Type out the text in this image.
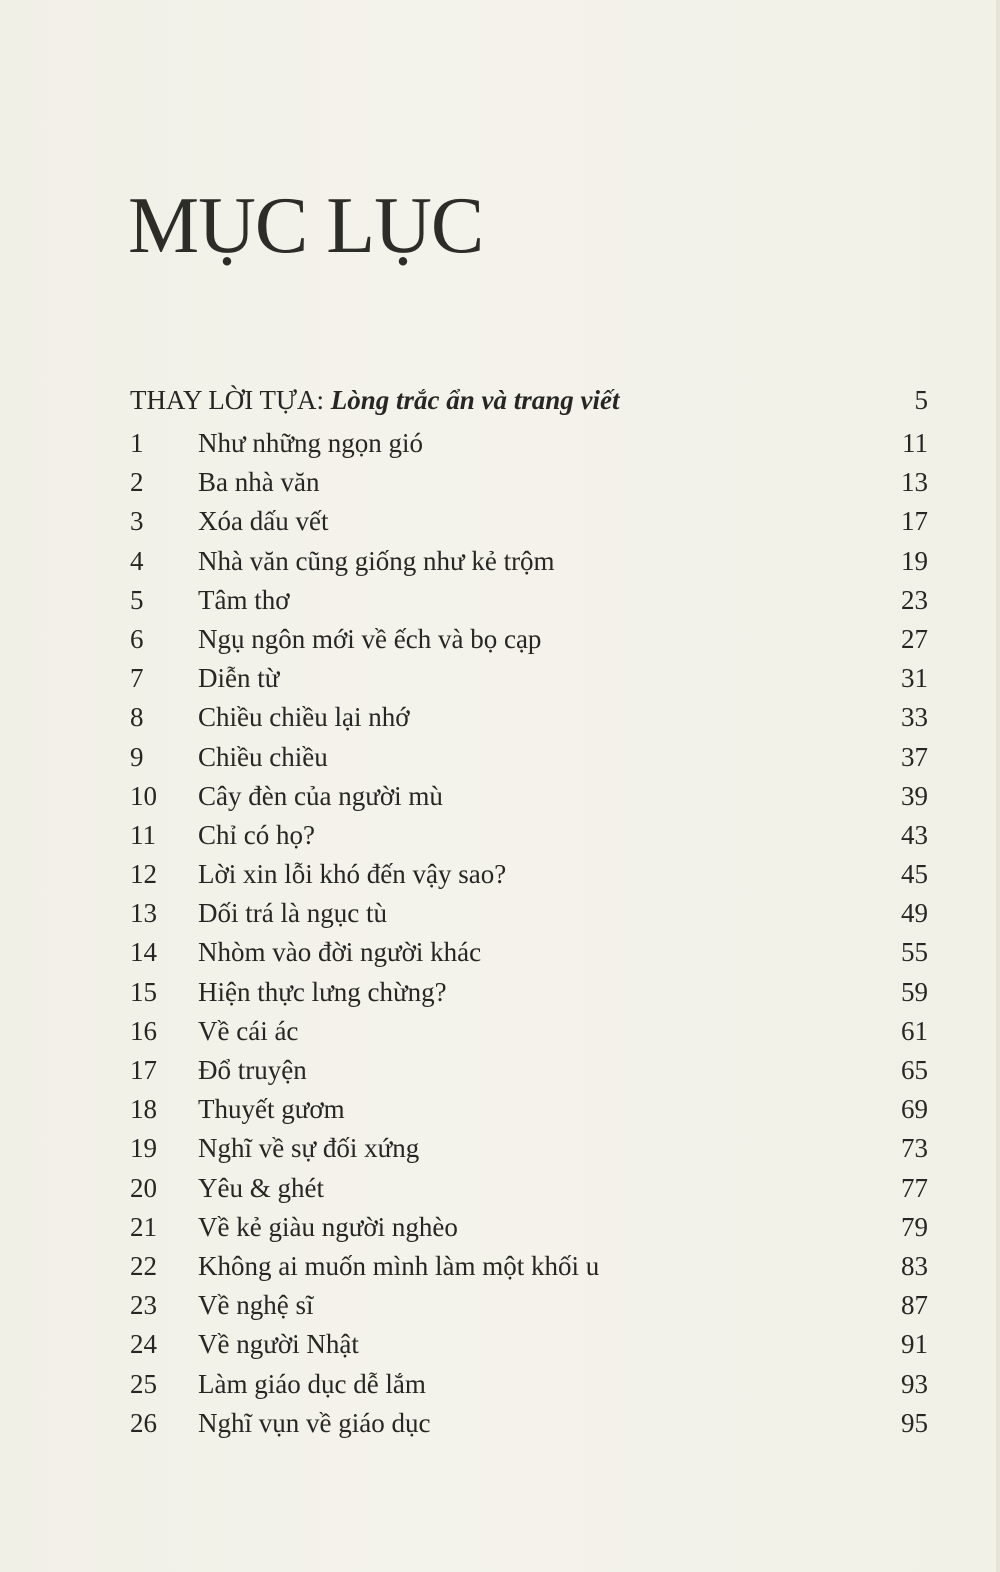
MỤC LỤC
THAY LỜI TỰA: Lòng trắc ẩn và trang viết	5
1 Như những ngọn gió	11
2 Ba nhà văn	13
3 Xóa dấu vết	17
4 Nhà văn cũng giống như kẻ trộm	19
5 Tâm thơ	23
6 Ngụ ngôn mới về ếch và bọ cạp	27
7 Diễn từ	31
8 Chiều chiều lại nhớ	33
9 Chiều chiều	37
10 Cây đèn của người mù	39
11 Chỉ có họ?	43
12 Lời xin lỗi khó đến vậy sao?	45
13 Dối trá là ngục tù	49
14 Nhòm vào đời người khác	55
15 Hiện thực lưng chừng?	59
16 Về cái ác	61
17 Đổ truyện	65
18 Thuyết gươm	69
19 Nghĩ về sự đối xứng	73
20 Yêu & ghét	77
21 Về kẻ giàu người nghèo	79
22 Không ai muốn mình làm một khối u	83
23 Về nghệ sĩ	87
24 Về người Nhật	91
25 Làm giáo dục dễ lắm	93
26 Nghĩ vụn về giáo dục	95
